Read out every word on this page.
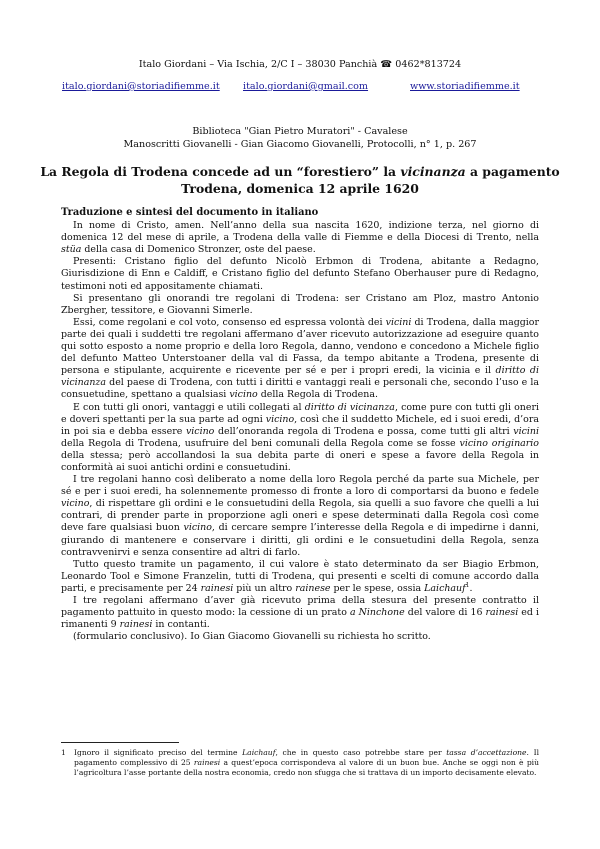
Italo Giordani – Via Ischia, 2/C I – 38030 Panchià ☎ 0462*813724
italo.giordani@storiadifiemme.it italo.giordani@gmail.com	www.storiadifiemme.it
Biblioteca "Gian Pietro Muratori" - Cavalese
Manoscritti Giovanelli - Gian Giacomo Giovanelli, Protocolli, n° 1, p. 267
La Regola di Trodena concede ad un “forestiero” la vicinanza a pagamento
Trodena, domenica 12 aprile 1620
Traduzione e sintesi del documento in italiano

In nome di Cristo, amen. Nell’anno della sua nascita 1620, indizione terza, nel giorno di domenica 12 del mese di aprile, a Trodena della valle di Fiemme e della Diocesi di Trento, nella stüa della casa di Domenico Stronzer, oste del paese.

Presenti: Cristano figlio del defunto Nicolò Erbmon di Trodena, abitante a Redagno, Giurisdizione di Enn e Caldiff, e Cristano figlio del defunto Stefano Oberhauser pure di Redagno, testimoni noti ed appositamente chiamati.

Si presentano gli onorandi tre regolani di Trodena: ser Cristano am Ploz, mastro Antonio Zbergher, tessitore, e Giovanni Simerle.

Essi, come regolani e col voto, consenso ed espressa volontà dei vicini di Trodena, dalla maggior parte dei quali i suddetti tre regolani affermano d’aver ricevuto autorizzazione ad eseguire quanto qui sotto esposto a nome proprio e della loro Regola, danno, vendono e concedono a Michele figlio del defunto Matteo Unterstoaner della val di Fassa, da tempo abitante a Trodena, presente di persona e stipulante, acquirente e ricevente per sé e per i propri eredi, la vicinia e il diritto di vicinanza del paese di Trodena, con tutti i diritti e vantaggi reali e personali che, secondo l’uso e la consuetudine, spettano a qualsiasi vicino della Regola di Trodena.

E con tutti gli onori, vantaggi e utili collegati al diritto di vicinanza, come pure con tutti gli oneri e doveri spettanti per la sua parte ad ogni vicino, così che il suddetto Michele, ed i suoi eredi, d’ora in poi sia e debba essere vicino dell’onoranda regola di Trodena e possa, come tutti gli altri vicini della Regola di Trodena, usufruire del beni comunali della Regola come se fosse vicino originario della stessa; però accollandosi la sua debita parte di oneri e spese a favore della Regola in conformità ai suoi antichi ordini e consuetudini.

I tre regolani hanno così deliberato a nome della loro Regola perché da parte sua Michele, per sé e per i suoi eredi, ha solennemente promesso di fronte a loro di comportarsi da buono e fedele vicino, di rispettare gli ordini e le consuetudini della Regola, sia quelli a suo favore che quelli a lui contrari, di prender parte in proporzione agli oneri e spese determinati dalla Regola così come deve fare qualsiasi buon vicino, di cercare sempre l’interesse della Regola e di impedirne i danni, giurando di mantenere e conservare i diritti, gli ordini e le consuetudini della Regola, senza contravvenirvi e senza consentire ad altri di farlo.

Tutto questo tramite un pagamento, il cui valore è stato determinato da ser Biagio Erbmon, Leonardo Tool e Simone Franzelin, tutti di Trodena, qui presenti e scelti di comune accordo dalla parti, e precisamente per 24 rainesi più un altro rainese per le spese, ossia Laichauf$^1$.

I tre regolani affermano d’aver già ricevuto prima della stesura del presente contratto il pagamento pattuito in questo modo: la cessione di un prato a Ninchone del valore di 16 rainesi ed i rimanenti 9 rainesi in contanti.

(formulario conclusivo). Io Gian Giacomo Giovanelli su richiesta ho scritto.

1	Ignoro il significato preciso del termine Laichauf, che in questo caso potrebbe stare per tassa d’accettazione. Il pagamento complessivo di 25 rainesi a quest’epoca corrispondeva al valore di un buon bue. Anche se oggi non è più l’agricoltura l’asse portante della nostra economia, credo non sfugga che si trattava di un importo decisamente elevato.
